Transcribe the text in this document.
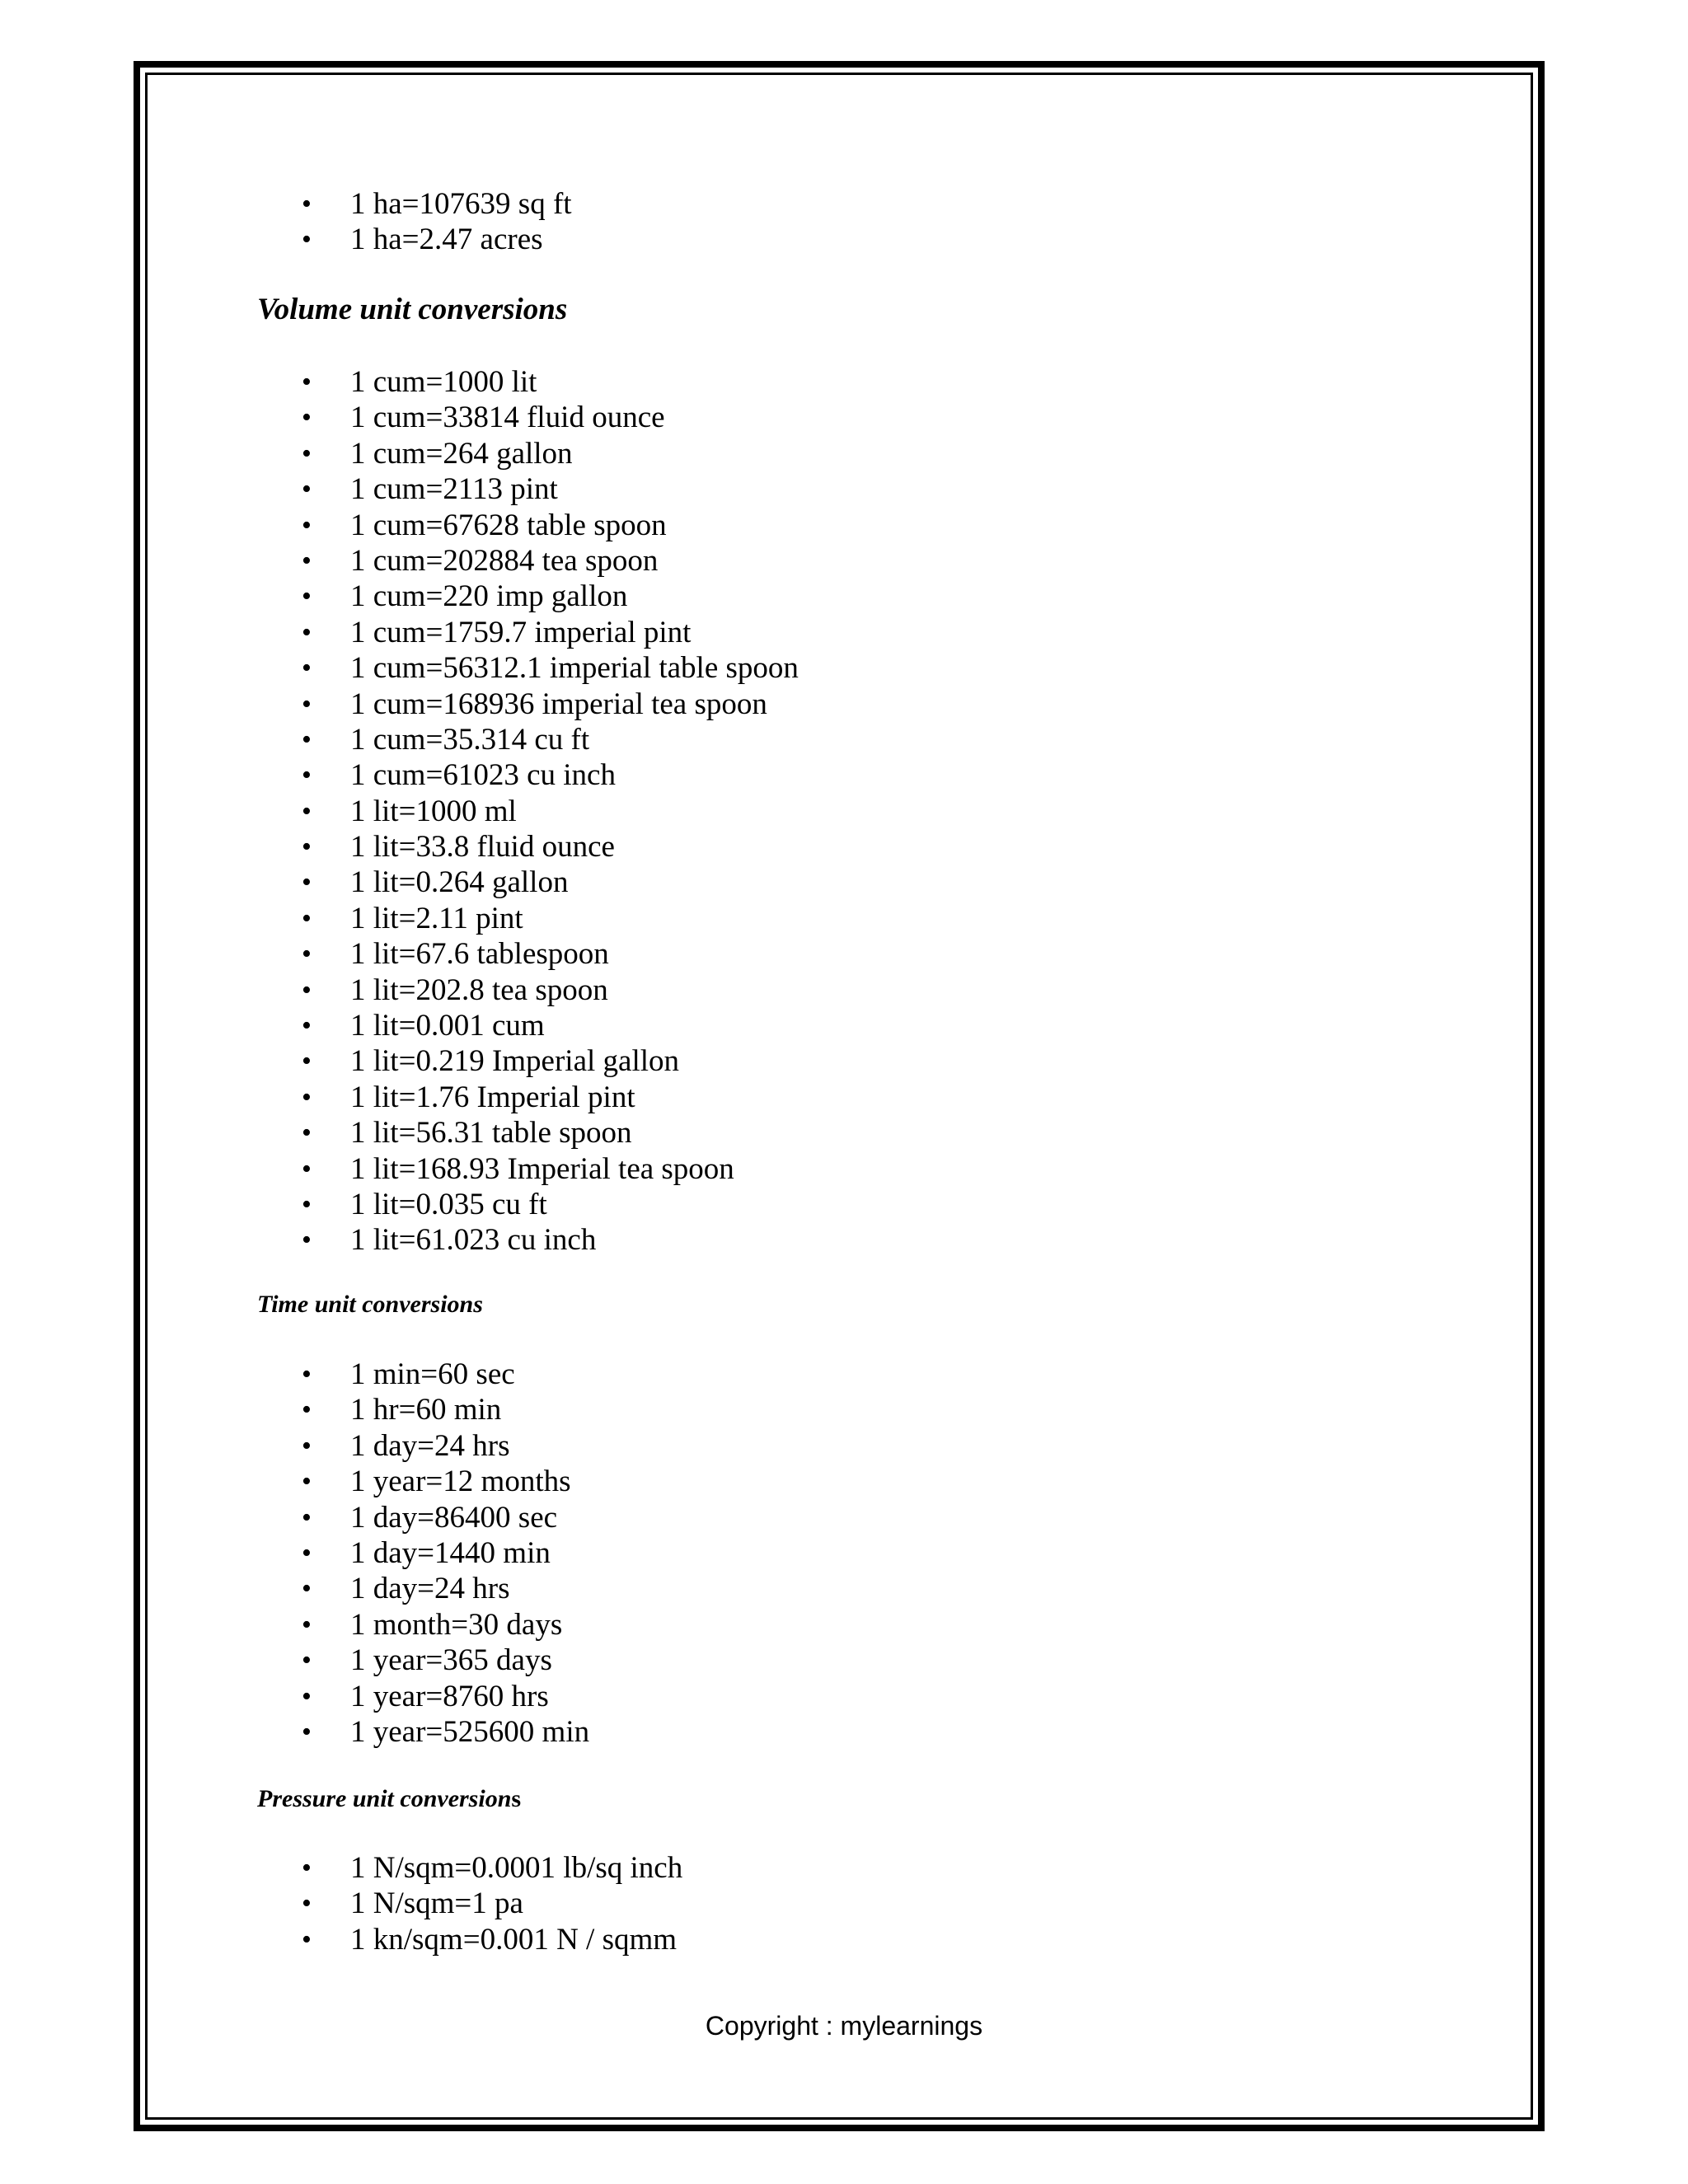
• 1 ha=107639 sq ft
• 1 ha=2.47 acres
Volume unit conversions
• 1 cum=1000 lit
• 1 cum=33814 fluid ounce
• 1 cum=264 gallon
• 1 cum=2113 pint
• 1 cum=67628 table spoon
• 1 cum=202884 tea spoon
• 1 cum=220 imp gallon
• 1 cum=1759.7 imperial pint
• 1 cum=56312.1 imperial table spoon
• 1 cum=168936 imperial tea spoon
• 1 cum=35.314 cu ft
• 1 cum=61023 cu inch
• 1 lit=1000 ml
• 1 lit=33.8 fluid ounce
• 1 lit=0.264 gallon
• 1 lit=2.11 pint
• 1 lit=67.6 tablespoon
• 1 lit=202.8 tea spoon
• 1 lit=0.001 cum
• 1 lit=0.219 Imperial gallon
• 1 lit=1.76 Imperial pint
• 1 lit=56.31 table spoon
• 1 lit=168.93 Imperial tea spoon
• 1 lit=0.035 cu ft
• 1 lit=61.023 cu inch
Time unit conversions
• 1 min=60 sec
• 1 hr=60 min
• 1 day=24 hrs
• 1 year=12 months
• 1 day=86400 sec
• 1 day=1440 min
• 1 day=24 hrs
• 1 month=30 days
• 1 year=365 days
• 1 year=8760 hrs
• 1 year=525600 min
Pressure unit conversions
• 1 N/sqm=0.0001 lb/sq inch
• 1 N/sqm=1 pa
• 1 kn/sqm=0.001 N / sqmm
Copyright : mylearnings
